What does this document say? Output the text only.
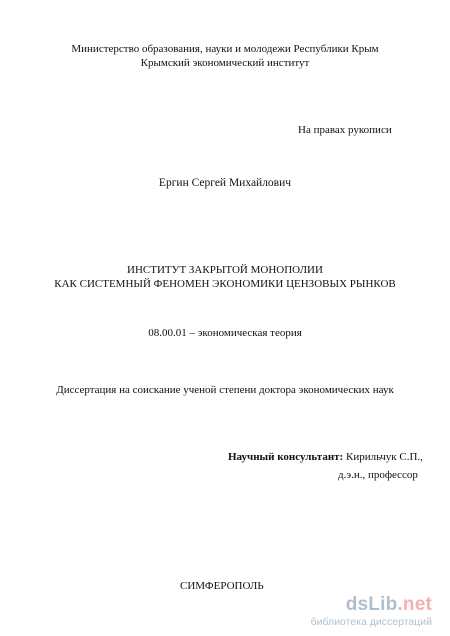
Министерство образования, науки и молодежи Республики Крым
Крымский экономический институт
На правах рукописи
Ергин Сергей Михайлович
ИНСТИТУТ ЗАКРЫТОЙ МОНОПОЛИИ
КАК СИСТЕМНЫЙ ФЕНОМЕН ЭКОНОМИКИ ЦЕНЗОВЫХ РЫНКОВ
08.00.01 – экономическая теория
Диссертация на соискание ученой степени доктора экономических наук
Научный консультант: Кирильчук С.П.,
д.э.н., профессор
СИМФЕРОПОЛЬ
dsLib.net
библиотека диссертаций
